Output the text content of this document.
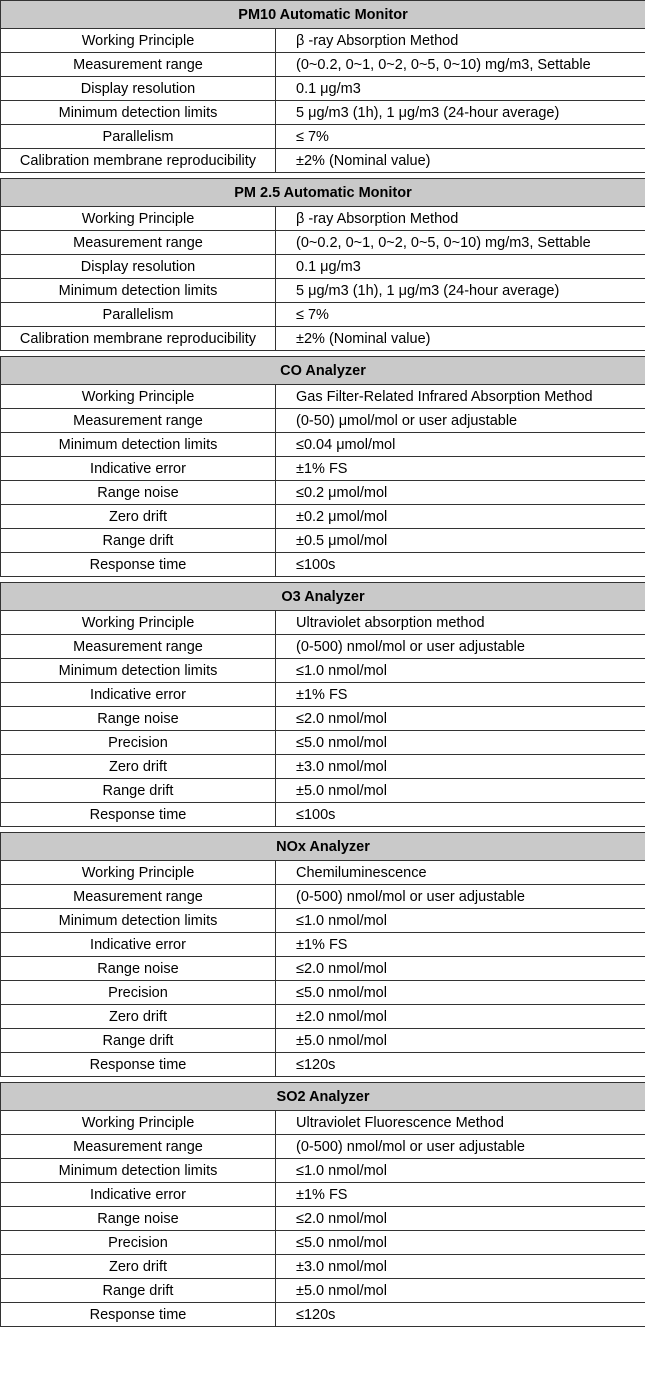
PM10 Automatic Monitor	
Working Principle	β -ray Absorption Method
Measurement range	(0~0.2, 0~1, 0~2, 0~5, 0~10) mg/m3, Settable
Display resolution	0.1 μg/m3
Minimum detection limits	5 μg/m3 (1h), 1 μg/m3 (24-hour average)
Parallelism	≤ 7%
Calibration membrane reproducibility	±2% (Nominal value)
PM 2.5 Automatic Monitor	
Working Principle	β -ray Absorption Method
Measurement range	(0~0.2, 0~1, 0~2, 0~5, 0~10) mg/m3, Settable
Display resolution	0.1 μg/m3
Minimum detection limits	5 μg/m3 (1h), 1 μg/m3 (24-hour average)
Parallelism	≤ 7%
Calibration membrane reproducibility	±2% (Nominal value)
CO Analyzer	
Working Principle	Gas Filter-Related Infrared Absorption Method
Measurement range	(0-50) μmol/mol or user adjustable
Minimum detection limits	≤0.04 μmol/mol
Indicative error	±1% FS
Range noise	≤0.2 μmol/mol
Zero drift	±0.2 μmol/mol
Range drift	±0.5 μmol/mol
Response time	≤100s
O3 Analyzer	
Working Principle	Ultraviolet absorption method
Measurement range	(0-500) nmol/mol or user adjustable
Minimum detection limits	≤1.0 nmol/mol
Indicative error	±1% FS
Range noise	≤2.0 nmol/mol
Precision	≤5.0 nmol/mol
Zero drift	±3.0 nmol/mol
Range drift	±5.0 nmol/mol
Response time	≤100s
NOx Analyzer	
Working Principle	Chemiluminescence
Measurement range	(0-500) nmol/mol or user adjustable
Minimum detection limits	≤1.0 nmol/mol
Indicative error	±1% FS
Range noise	≤2.0 nmol/mol
Precision	≤5.0 nmol/mol
Zero drift	±2.0 nmol/mol
Range drift	±5.0 nmol/mol
Response time	≤120s
SO2 Analyzer	
Working Principle	Ultraviolet Fluorescence Method
Measurement range	(0-500) nmol/mol or user adjustable
Minimum detection limits	≤1.0 nmol/mol
Indicative error	±1% FS
Range noise	≤2.0 nmol/mol
Precision	≤5.0 nmol/mol
Zero drift	±3.0 nmol/mol
Range drift	±5.0 nmol/mol
Response time	≤120s
